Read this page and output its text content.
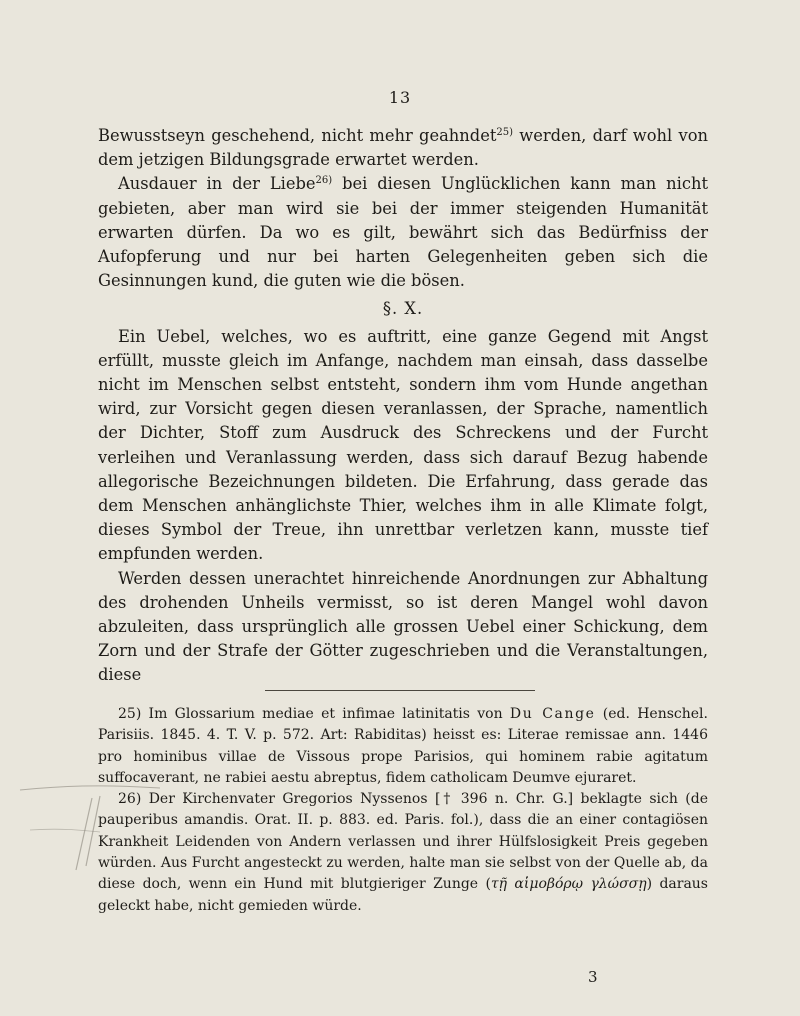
13

Bewusstseyn geschehend, nicht mehr geahndet$^{25)}$ werden, darf wohl von dem jetzigen Bildungsgrade erwartet werden.

Ausdauer in der Liebe$^{26)}$ bei diesen Unglücklichen kann man nicht gebieten, aber man wird sie bei der immer steigenden Humanität erwarten dürfen. Da wo es gilt, bewährt sich das Bedürfniss der Aufopferung und nur bei harten Gelegenheiten geben sich die Gesinnungen kund, die guten wie die bösen.

§. X.

Ein Uebel, welches, wo es auftritt, eine ganze Gegend mit Angst erfüllt, musste gleich im Anfange, nachdem man einsah, dass dasselbe nicht im Menschen selbst entsteht, sondern ihm vom Hunde angethan wird, zur Vorsicht gegen diesen veranlassen, der Sprache, namentlich der Dichter, Stoff zum Ausdruck des Schreckens und der Furcht verleihen und Veranlassung werden, dass sich darauf Bezug habende allegorische Bezeichnungen bildeten. Die Erfahrung, dass gerade das dem Menschen anhänglichste Thier, welches ihm in alle Klimate folgt, dieses Symbol der Treue, ihn unrettbar verletzen kann, musste tief empfunden werden.

Werden dessen unerachtet hinreichende Anordnungen zur Abhaltung des drohenden Unheils vermisst, so ist deren Mangel wohl davon abzuleiten, dass ursprünglich alle grossen Uebel einer Schickung, dem Zorn und der Strafe der Götter zugeschrieben und die Veranstaltungen, diese

25) Im Glossarium mediae et infimae latinitatis von Du Cange (ed. Henschel. Parisiis. 1845. 4. T. V. p. 572. Art: Rabiditas) heisst es: Literae remissae ann. 1446 pro hominibus villae de Vissous prope Parisios, qui hominem rabie agitatum suffocaverant, ne rabiei aestu abreptus, fidem catholicam Deumve ejuraret.

26) Der Kirchenvater Gregorios Nyssenos [† 396 n. Chr. G.] beklagte sich (de pauperibus amandis. Orat. II. p. 883. ed. Paris. fol.), dass die an einer contagiösen Krankheit Leidenden von Andern verlassen und ihrer Hülfslosigkeit Preis gegeben würden. Aus Furcht angesteckt zu werden, halte man sie selbst von der Quelle ab, da diese doch, wenn ein Hund mit blutgieriger Zunge (τῇ αἱμοβόρῳ γλώσσῃ) daraus geleckt habe, nicht gemieden würde.

3
